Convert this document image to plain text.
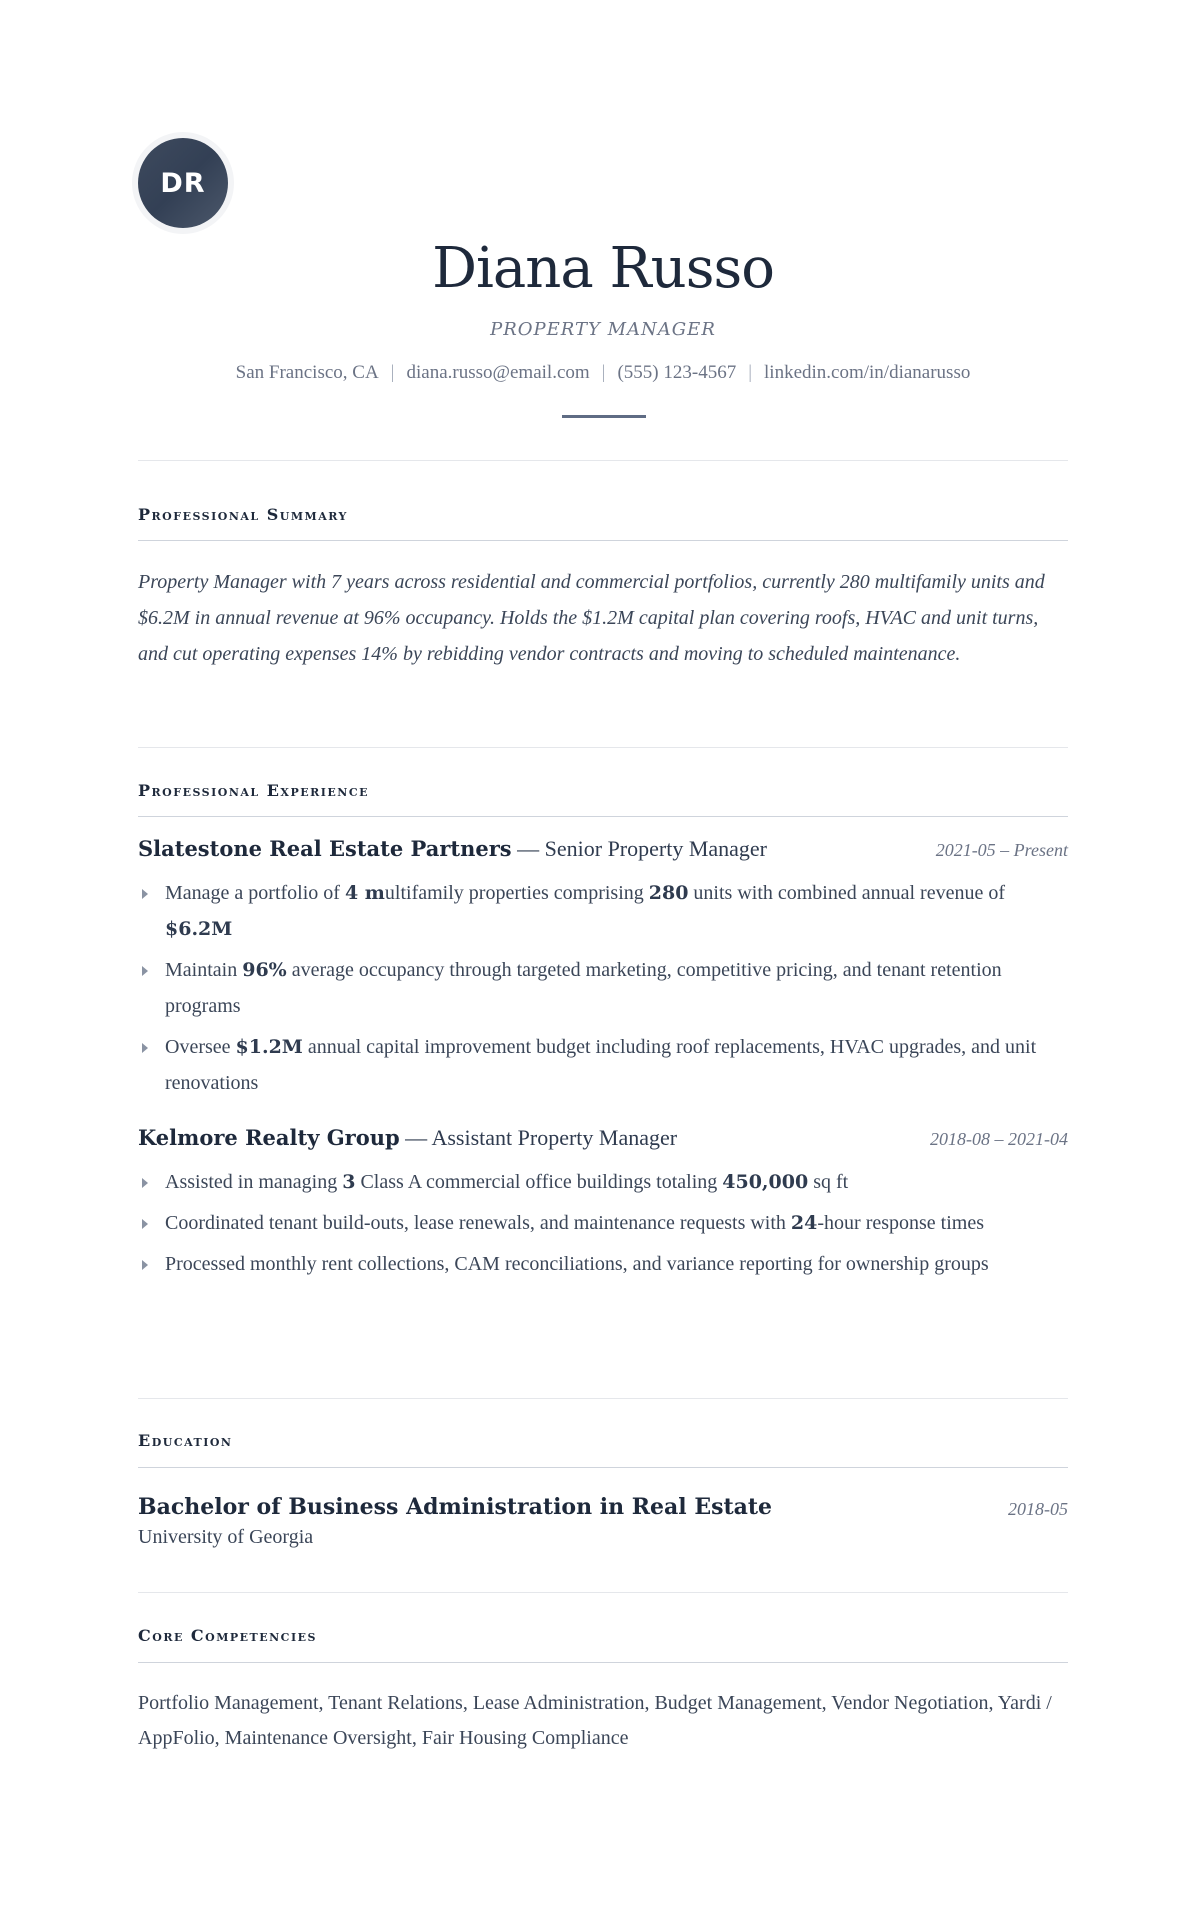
DR
Diana Russo
PROPERTY MANAGER
San Francisco, CA | diana.russo@email.com | (555) 123-4567 | linkedin.com/in/dianarusso
Professional Summary
Property Manager with 7 years across residential and commercial portfolios, currently 280 multifamily units and $6.2M in annual revenue at 96% occupancy. Holds the $1.2M capital plan covering roofs, HVAC and unit turns, and cut operating expenses 14% by rebidding vendor contracts and moving to scheduled maintenance.
Professional Experience
Slatestone Real Estate Partners — Senior Property Manager	2021-05 – Present
Manage a portfolio of 4 multifamily properties comprising 280 units with combined annual revenue of $6.2M
Maintain 96% average occupancy through targeted marketing, competitive pricing, and tenant retention programs
Oversee $1.2M annual capital improvement budget including roof replacements, HVAC upgrades, and unit renovations
Kelmore Realty Group — Assistant Property Manager	2018-08 – 2021-04
Assisted in managing 3 Class A commercial office buildings totaling 450,000 sq ft
Coordinated tenant build-outs, lease renewals, and maintenance requests with 24-hour response times
Processed monthly rent collections, CAM reconciliations, and variance reporting for ownership groups
Education
Bachelor of Business Administration in Real Estate	2018-05
University of Georgia
Core Competencies
Portfolio Management, Tenant Relations, Lease Administration, Budget Management, Vendor Negotiation, Yardi / AppFolio, Maintenance Oversight, Fair Housing Compliance
